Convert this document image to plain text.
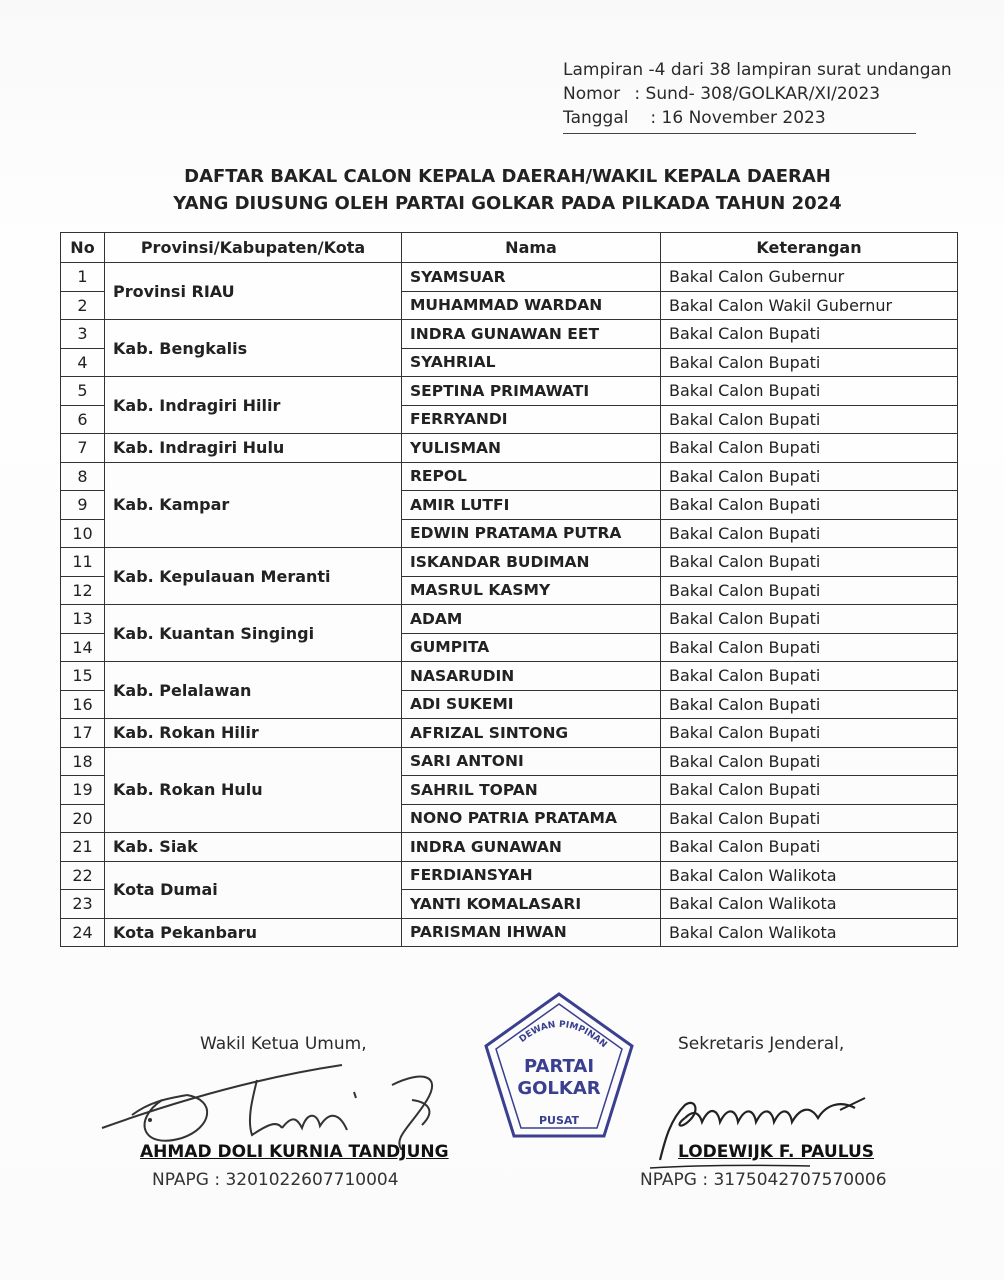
Lampiran -4 dari 38 lampiran surat undangan
Nomor : Sund- 308/GOLKAR/XI/2023
Tanggal : 16 November 2023
DAFTAR BAKAL CALON KEPALA DAERAH/WAKIL KEPALA DAERAH
YANG DIUSUNG OLEH PARTAI GOLKAR PADA PILKADA TAHUN 2024
No	Provinsi/Kabupaten/Kota	Nama	Keterangan
1	Provinsi RIAU	SYAMSUAR	Bakal Calon Gubernur
2		MUHAMMAD WARDAN	Bakal Calon Wakil Gubernur
3	Kab. Bengkalis	INDRA GUNAWAN EET	Bakal Calon Bupati
4		SYAHRIAL	Bakal Calon Bupati
5	Kab. Indragiri Hilir	SEPTINA PRIMAWATI	Bakal Calon Bupati
6		FERRYANDI	Bakal Calon Bupati
7	Kab. Indragiri Hulu	YULISMAN	Bakal Calon Bupati
8	Kab. Kampar	REPOL	Bakal Calon Bupati
9		AMIR LUTFI	Bakal Calon Bupati
10		EDWIN PRATAMA PUTRA	Bakal Calon Bupati
11	Kab. Kepulauan Meranti	ISKANDAR BUDIMAN	Bakal Calon Bupati
12		MASRUL KASMY	Bakal Calon Bupati
13	Kab. Kuantan Singingi	ADAM	Bakal Calon Bupati
14		GUMPITA	Bakal Calon Bupati
15	Kab. Pelalawan	NASARUDIN	Bakal Calon Bupati
16		ADI SUKEMI	Bakal Calon Bupati
17	Kab. Rokan Hilir	AFRIZAL SINTONG	Bakal Calon Bupati
18	Kab. Rokan Hulu	SARI ANTONI	Bakal Calon Bupati
19		SAHRIL TOPAN	Bakal Calon Bupati
20		NONO PATRIA PRATAMA	Bakal Calon Bupati
21	Kab. Siak	INDRA GUNAWAN	Bakal Calon Bupati
22	Kota Dumai	FERDIANSYAH	Bakal Calon Walikota
23		YANTI KOMALASARI	Bakal Calon Walikota
24	Kota Pekanbaru	PARISMAN IHWAN	Bakal Calon Walikota
Wakil Ketua Umum,
AHMAD DOLI KURNIA TANDJUNG
NPAPG : 3201022607710004
DEWAN PIMPINAN
PARTAI
GOLKAR
PUSAT
Sekretaris Jenderal,
LODEWIJK F. PAULUS
NPAPG : 3175042707570006
